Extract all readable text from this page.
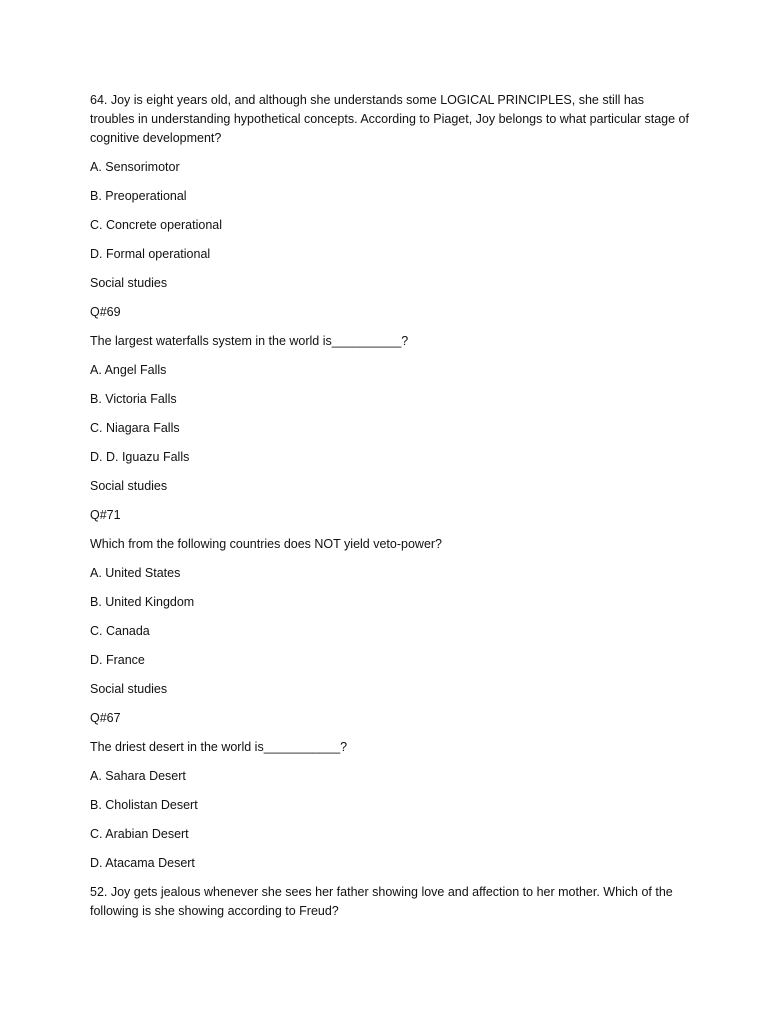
64. Joy is eight years old, and although she understands some LOGICAL PRINCIPLES, she still has troubles in understanding hypothetical concepts. According to Piaget, Joy belongs to what particular stage of cognitive development?

A. Sensorimotor

B. Preoperational

C. Concrete operational

D. Formal operational

Social studies

Q#69

The largest waterfalls system in the world is__________?

A. Angel Falls

B. Victoria Falls

C. Niagara Falls

D. D. Iguazu Falls

Social studies

Q#71

Which from the following countries does NOT yield veto-power?

A. United States

B. United Kingdom

C. Canada

D. France

Social studies

Q#67

The driest desert in the world is___________?

A. Sahara Desert

B. Cholistan Desert

C. Arabian Desert

D. Atacama Desert

52. Joy gets jealous whenever she sees her father showing love and affection to her mother. Which of the following is she showing according to Freud?
